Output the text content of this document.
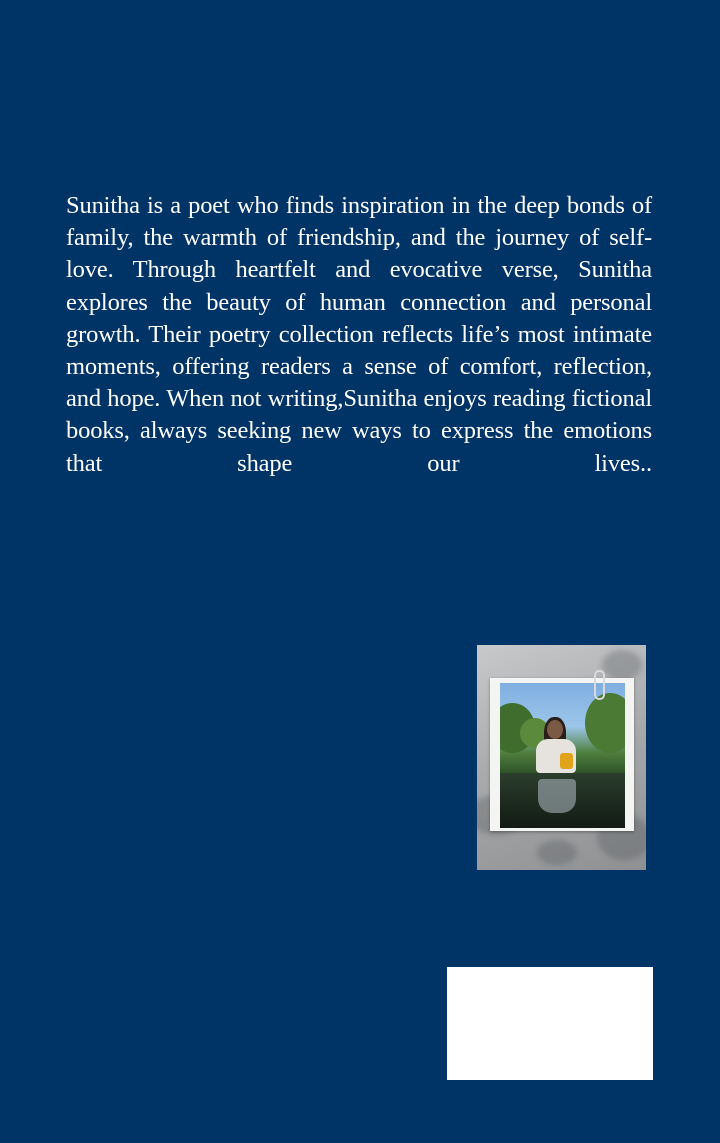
Sunitha is a poet who finds inspiration in the deep bonds of family, the warmth of friendship, and the journey of self-love. Through heartfelt and evocative verse, Sunitha explores the beauty of human connection and personal growth. Their poetry collection reflects life’s most intimate moments, offering readers a sense of comfort, reflection, and hope. When not writing,Sunitha enjoys reading fictional books, always seeking new ways to express the emotions that shape our lives..
